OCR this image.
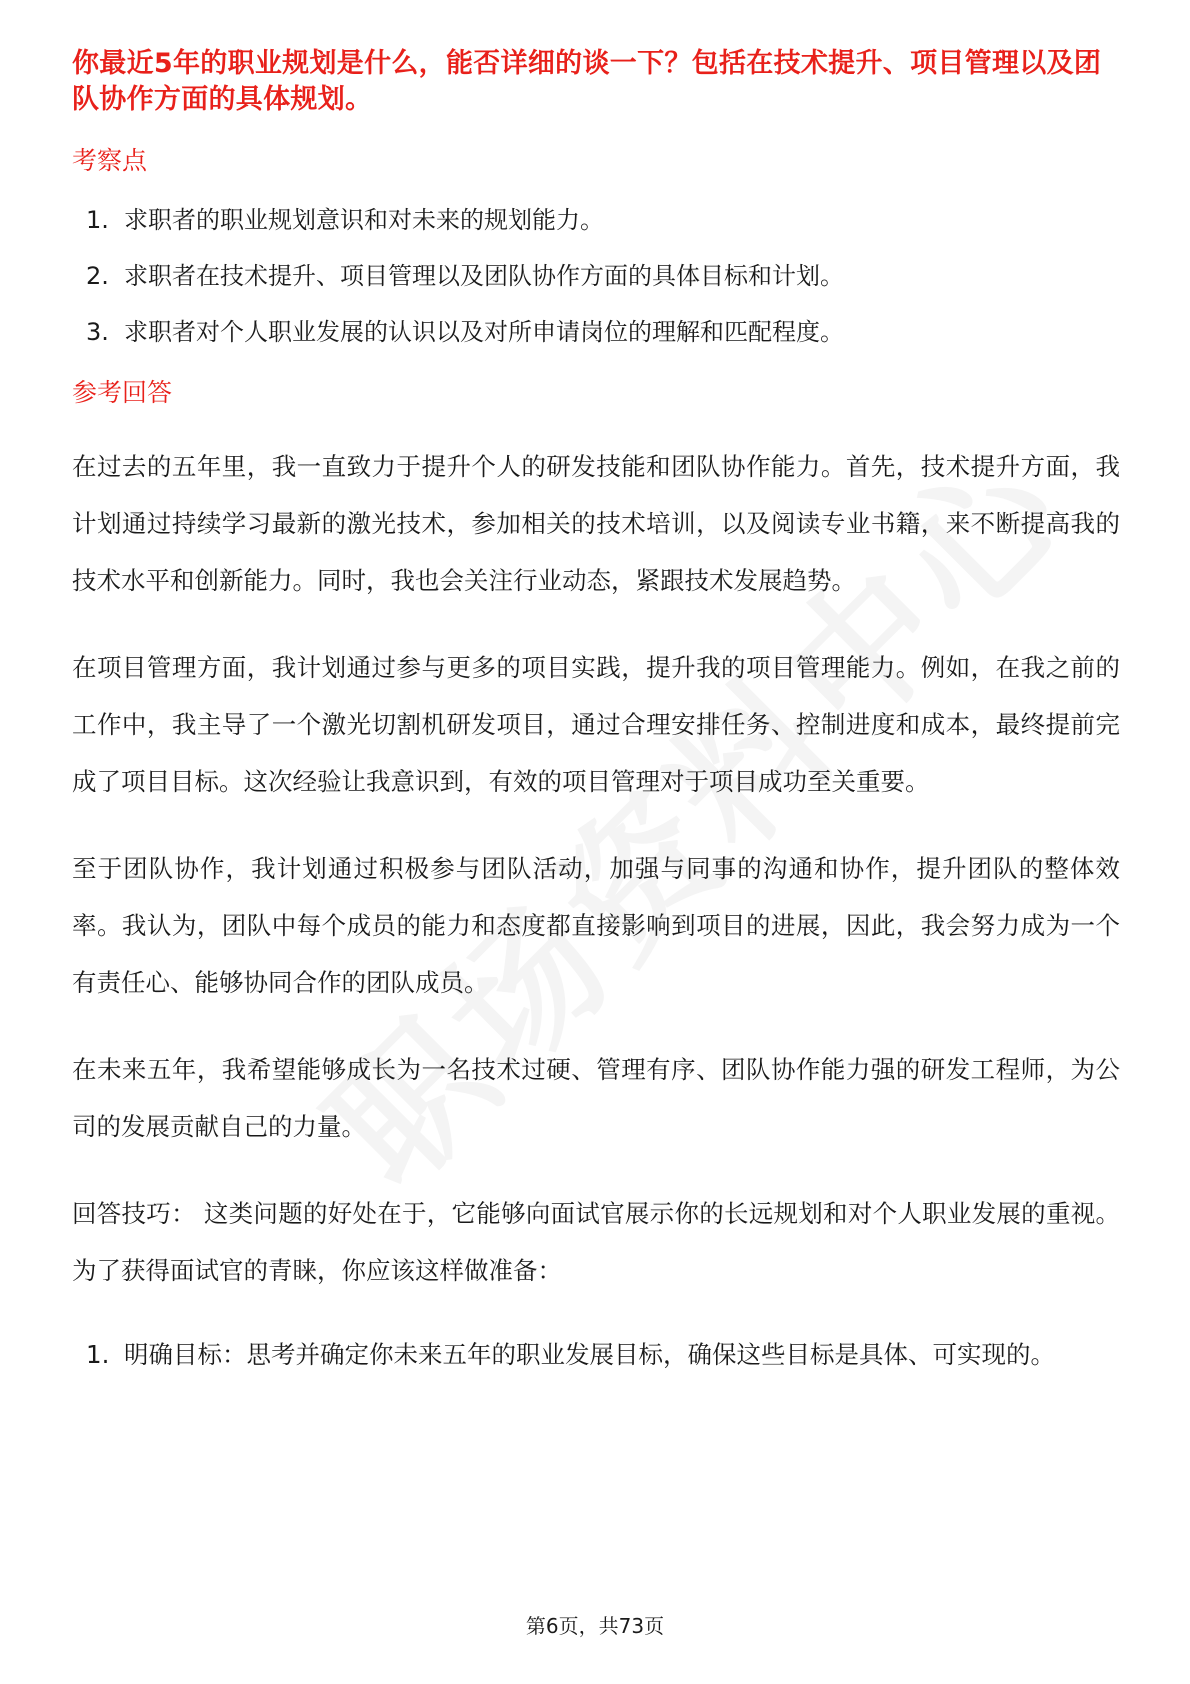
你最近5年的职业规划是什么，能否详细的谈一下？包括在技术提升、项目管理以及团队协作方面的具体规划。
考察点
1. 求职者的职业规划意识和对未来的规划能力。
2. 求职者在技术提升、项目管理以及团队协作方面的具体目标和计划。
3. 求职者对个人职业发展的认识以及对所申请岗位的理解和匹配程度。
参考回答

在过去的五年里，我一直致力于提升个人的研发技能和团队协作能力。首先，技术提升方面，我计划通过持续学习最新的激光技术，参加相关的技术培训，以及阅读专业书籍，来不断提高我的技术水平和创新能力。同时，我也会关注行业动态，紧跟技术发展趋势。

在项目管理方面，我计划通过参与更多的项目实践，提升我的项目管理能力。例如，在我之前的工作中，我主导了一个激光切割机研发项目，通过合理安排任务、控制进度和成本，最终提前完成了项目目标。这次经验让我意识到，有效的项目管理对于项目成功至关重要。

至于团队协作，我计划通过积极参与团队活动，加强与同事的沟通和协作，提升团队的整体效率。我认为，团队中每个成员的能力和态度都直接影响到项目的进展，因此，我会努力成为一个有责任心、能够协同合作的团队成员。

在未来五年，我希望能够成长为一名技术过硬、管理有序、团队协作能力强的研发工程师，为公司的发展贡献自己的力量。

回答技巧： 这类问题的好处在于，它能够向面试官展示你的长远规划和对个人职业发展的重视。为了获得面试官的青睐，你应该这样做准备：

1. 明确目标：思考并确定你未来五年的职业发展目标，确保这些目标是具体、可实现的。
第6页，共73页
